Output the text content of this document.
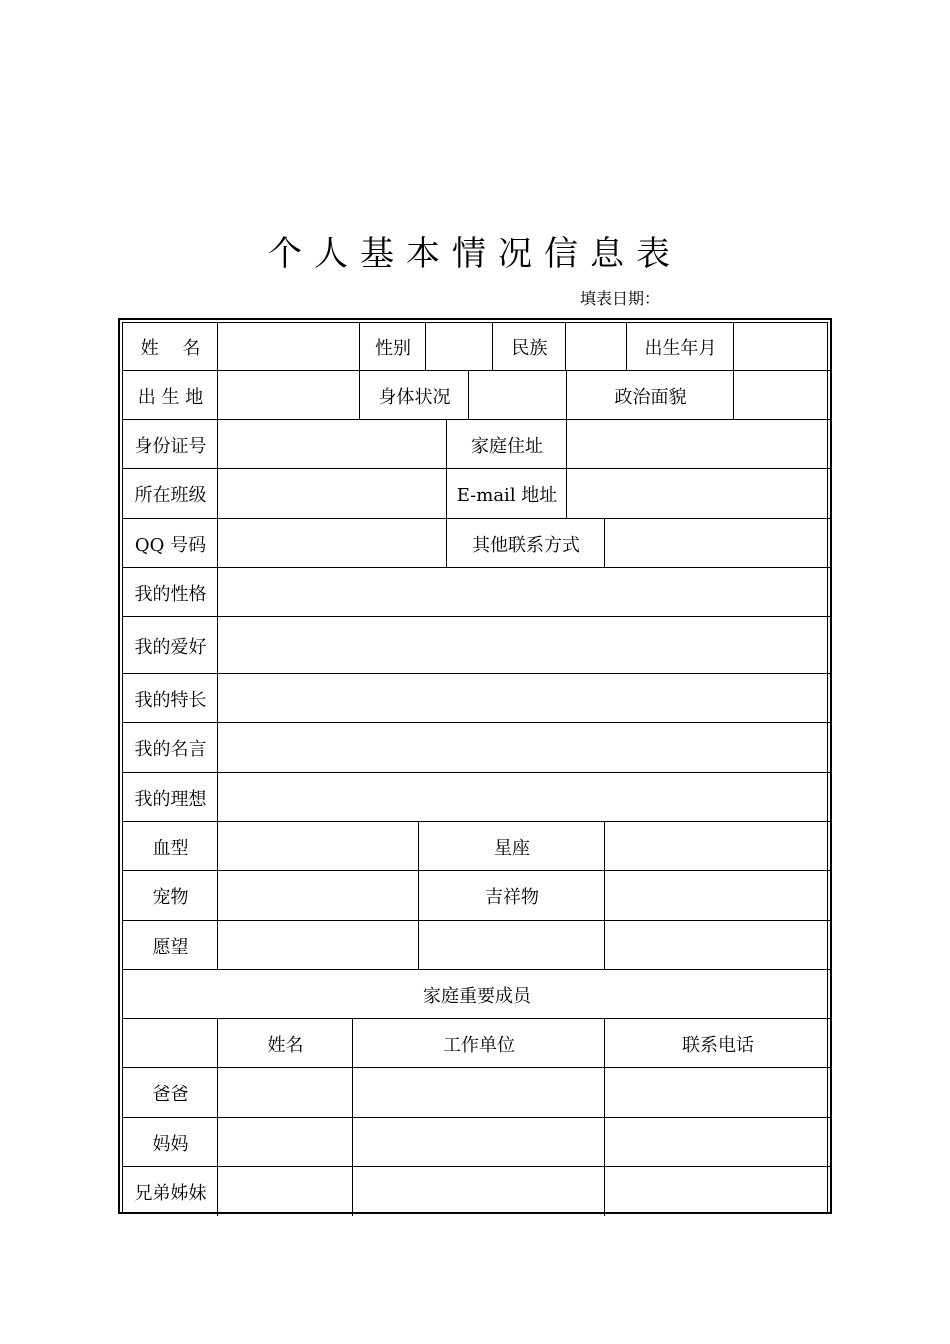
个人基本情况信息表
填表日期：
姓　 名	性别	民族	出生年月
出 生 地	身体状况	政治面貌
身份证号	家庭住址
所在班级	E-mail 地址
QQ 号码	其他联系方式
我的性格
我的爱好
我的特长
我的名言
我的理想
血型	星座
宠物	吉祥物
愿望
家庭重要成员
姓名	工作单位	联系电话
爸爸
妈妈
兄弟姊妹
